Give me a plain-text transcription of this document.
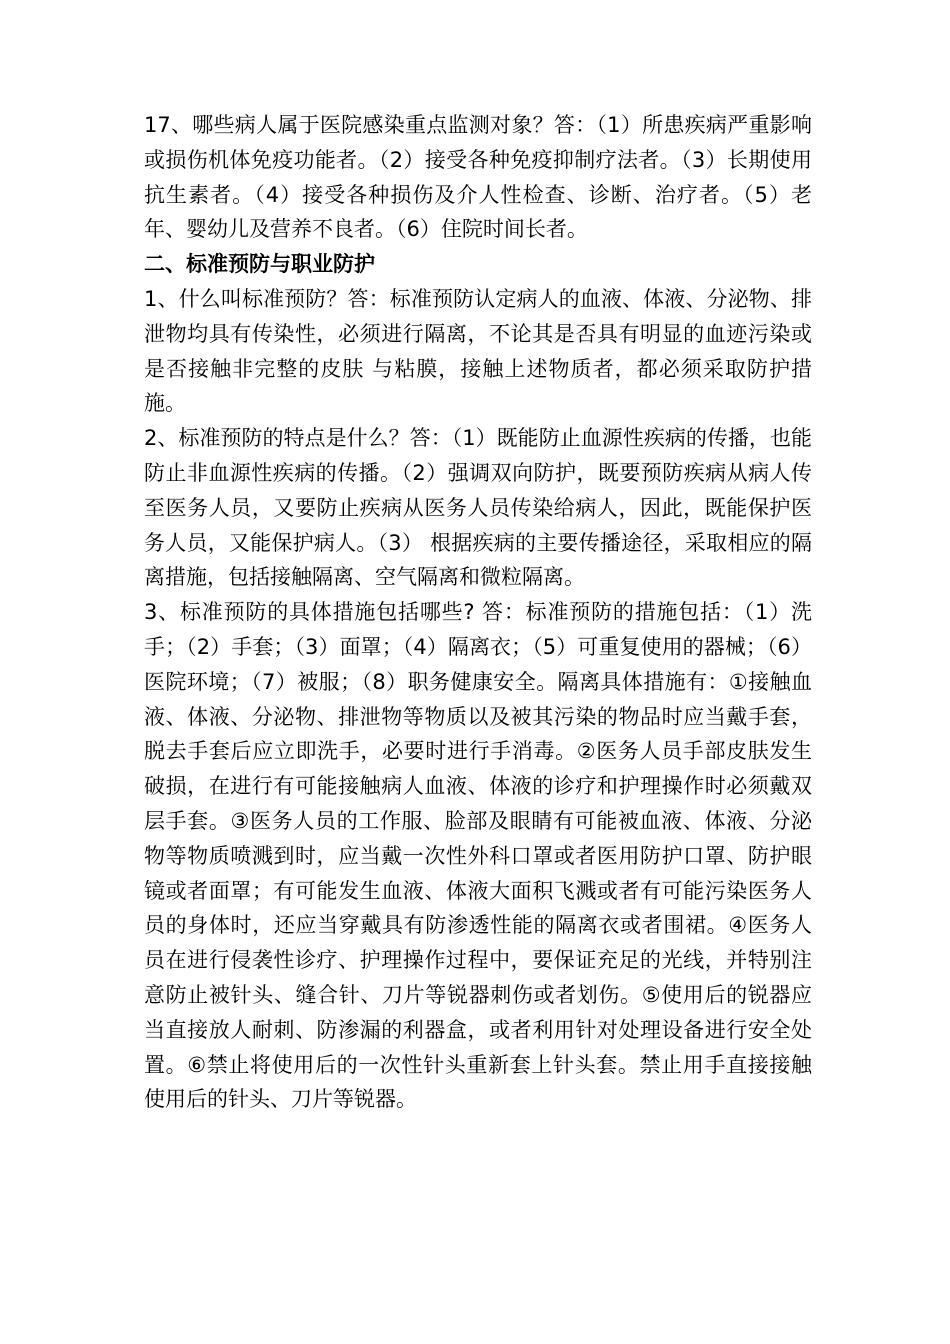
17、哪些病人属于医院感染重点监测对象？答：（1）所患疾病严重影响或损伤机体免疫功能者。（2）接受各种免疫抑制疗法者。（3）长期使用抗生素者。（4）接受各种损伤及介人性检查、诊断、治疗者。（5）老年、婴幼儿及营养不良者。（6）住院时间长者。

二、标准预防与职业防护

1、什么叫标准预防？答：标准预防认定病人的血液、体液、分泌物、排泄物均具有传染性，必须进行隔离，不论其是否具有明显的血迹污染或是否接触非完整的皮肤 与粘膜，接触上述物质者，都必须采取防护措施。

2、标准预防的特点是什么？答：（1）既能防止血源性疾病的传播，也能防止非血源性疾病的传播。（2）强调双向防护，既要预防疾病从病人传至医务人员，又要防止疾病从医务人员传染给病人，因此，既能保护医务人员，又能保护病人。（3） 根据疾病的主要传播途径，采取相应的隔离措施，包括接触隔离、空气隔离和微粒隔离。

3、标准预防的具体措施包括哪些? 答：标准预防的措施包括：（1）洗手；（2）手套；（3）面罩；（4）隔离衣；（5）可重复使用的器械；（6）医院环境；（7）被服；（8）职务健康安全。隔离具体措施有：①接触血液、体液、分泌物、排泄物等物质以及被其污染的物品时应当戴手套，脱去手套后应立即洗手，必要时进行手消毒。②医务人员手部皮肤发生破损，在进行有可能接触病人血液、体液的诊疗和护理操作时必须戴双层手套。③医务人员的工作服、脸部及眼睛有可能被血液、体液、分泌物等物质喷溅到时，应当戴一次性外科口罩或者医用防护口罩、防护眼镜或者面罩；有可能发生血液、体液大面积飞溅或者有可能污染医务人员的身体时，还应当穿戴具有防渗透性能的隔离衣或者围裙。④医务人员在进行侵袭性诊疗、护理操作过程中，要保证充足的光线，并特别注意防止被针头、缝合针、刀片等锐器刺伤或者划伤。⑤使用后的锐器应当直接放人耐刺、防渗漏的利器盒，或者利用针对处理设备进行安全处置。⑥禁止将使用后的一次性针头重新套上针头套。禁止用手直接接触使用后的针头、刀片等锐器。
